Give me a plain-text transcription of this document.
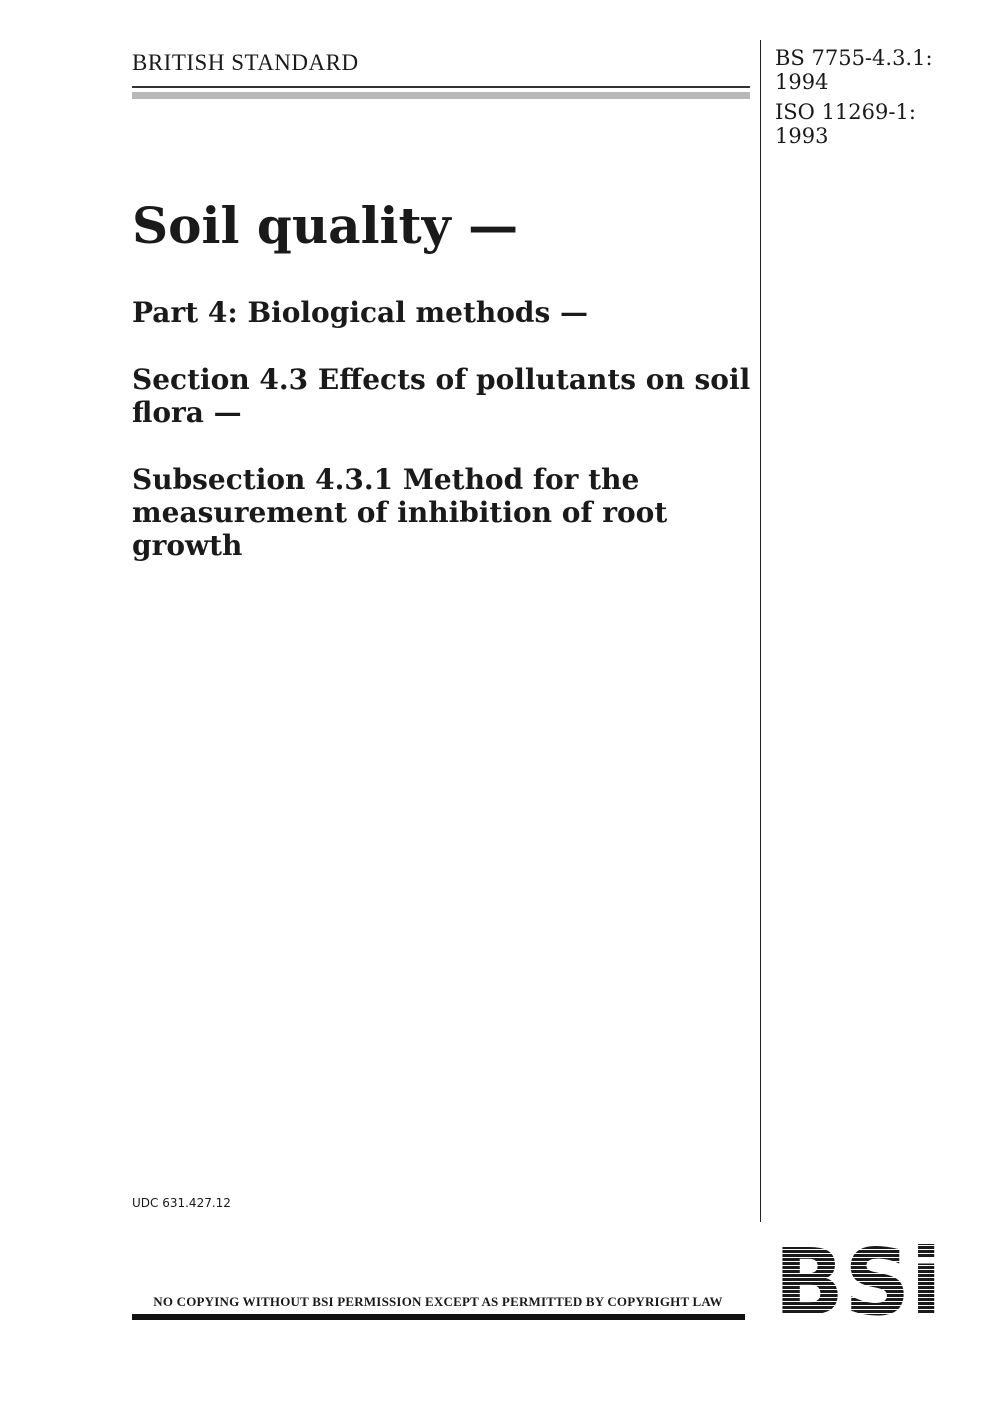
BRITISH STANDARD	BS 7755-4.3.1:
1994
ISO 11269-1:
1993
Soil quality —
Part 4: Biological methods —
Section 4.3 Effects of pollutants on soil flora —
Subsection 4.3.1 Method for the measurement of inhibition of root growth
UDC 631.427.12
NO COPYING WITHOUT BSI PERMISSION EXCEPT AS PERMITTED BY COPYRIGHT LAW
